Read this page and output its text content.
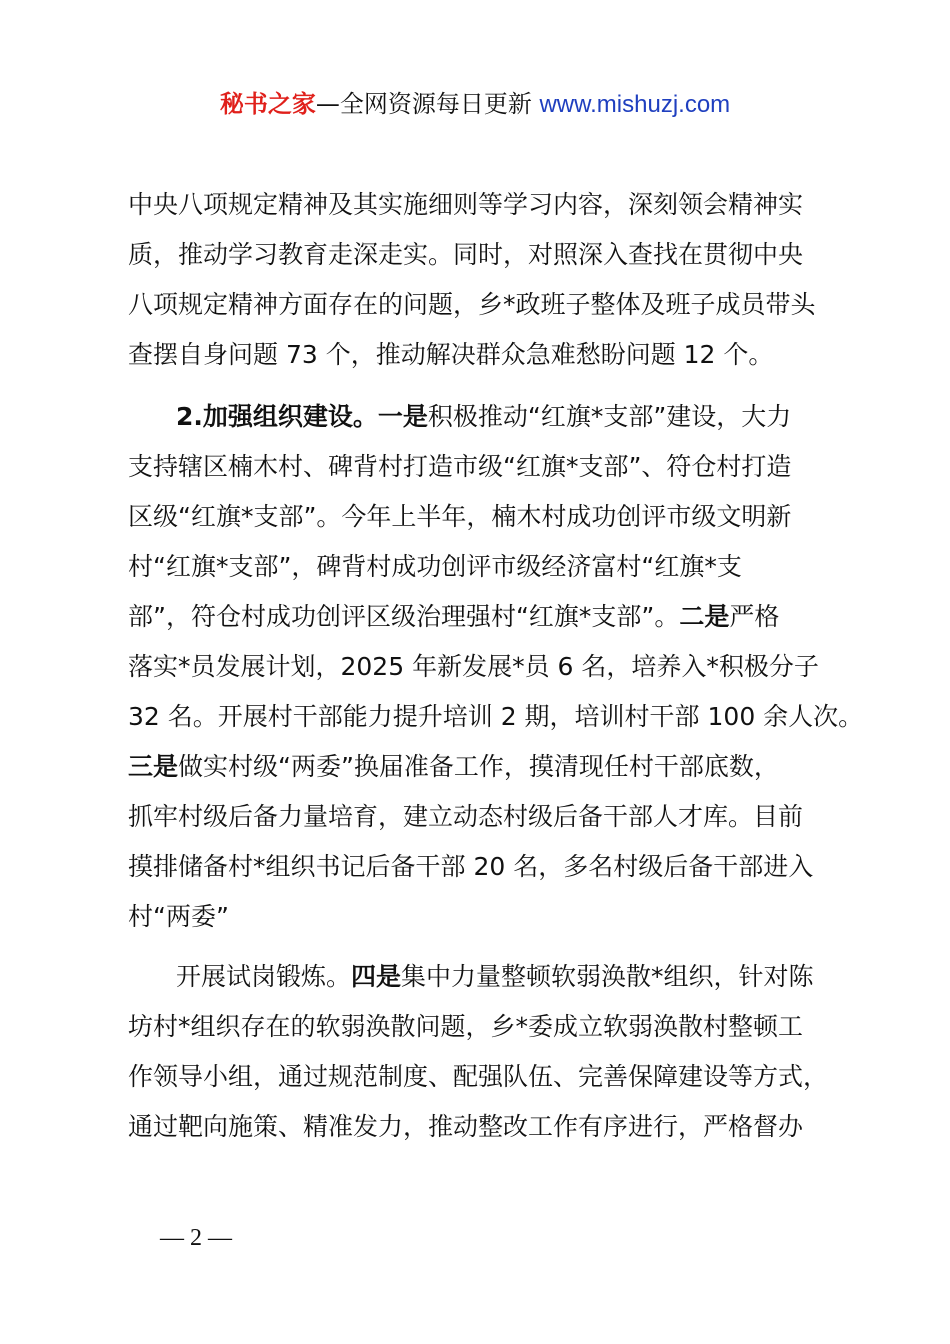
秘书之家—全网资源每日更新 www.mishuzj.com
中央八项规定精神及其实施细则等学习内容，深刻领会精神实
质，推动学习教育走深走实。同时，对照深入查找在贯彻中央
八项规定精神方面存在的问题，乡*政班子整体及班子成员带头
查摆自身问题 73 个，推动解决群众急难愁盼问题 12 个。
2.加强组织建设。一是积极推动“红旗*支部”建设，大力
支持辖区楠木村、碑背村打造市级“红旗*支部”、符仓村打造
区级“红旗*支部”。今年上半年，楠木村成功创评市级文明新
村“红旗*支部”，碑背村成功创评市级经济富村“红旗*支
部”，符仓村成功创评区级治理强村“红旗*支部”。二是严格
落实*员发展计划，2025 年新发展*员 6 名，培养入*积极分子
32 名。开展村干部能力提升培训 2 期，培训村干部 100 余人次。
三是做实村级“两委”换届准备工作，摸清现任村干部底数，
抓牢村级后备力量培育，建立动态村级后备干部人才库。目前
摸排储备村*组织书记后备干部 20 名，多名村级后备干部进入
村“两委”
开展试岗锻炼。四是集中力量整顿软弱涣散*组织，针对陈
坊村*组织存在的软弱涣散问题，乡*委成立软弱涣散村整顿工
作领导小组，通过规范制度、配强队伍、完善保障建设等方式，
通过靶向施策、精准发力，推动整改工作有序进行，严格督办
— 2 —
